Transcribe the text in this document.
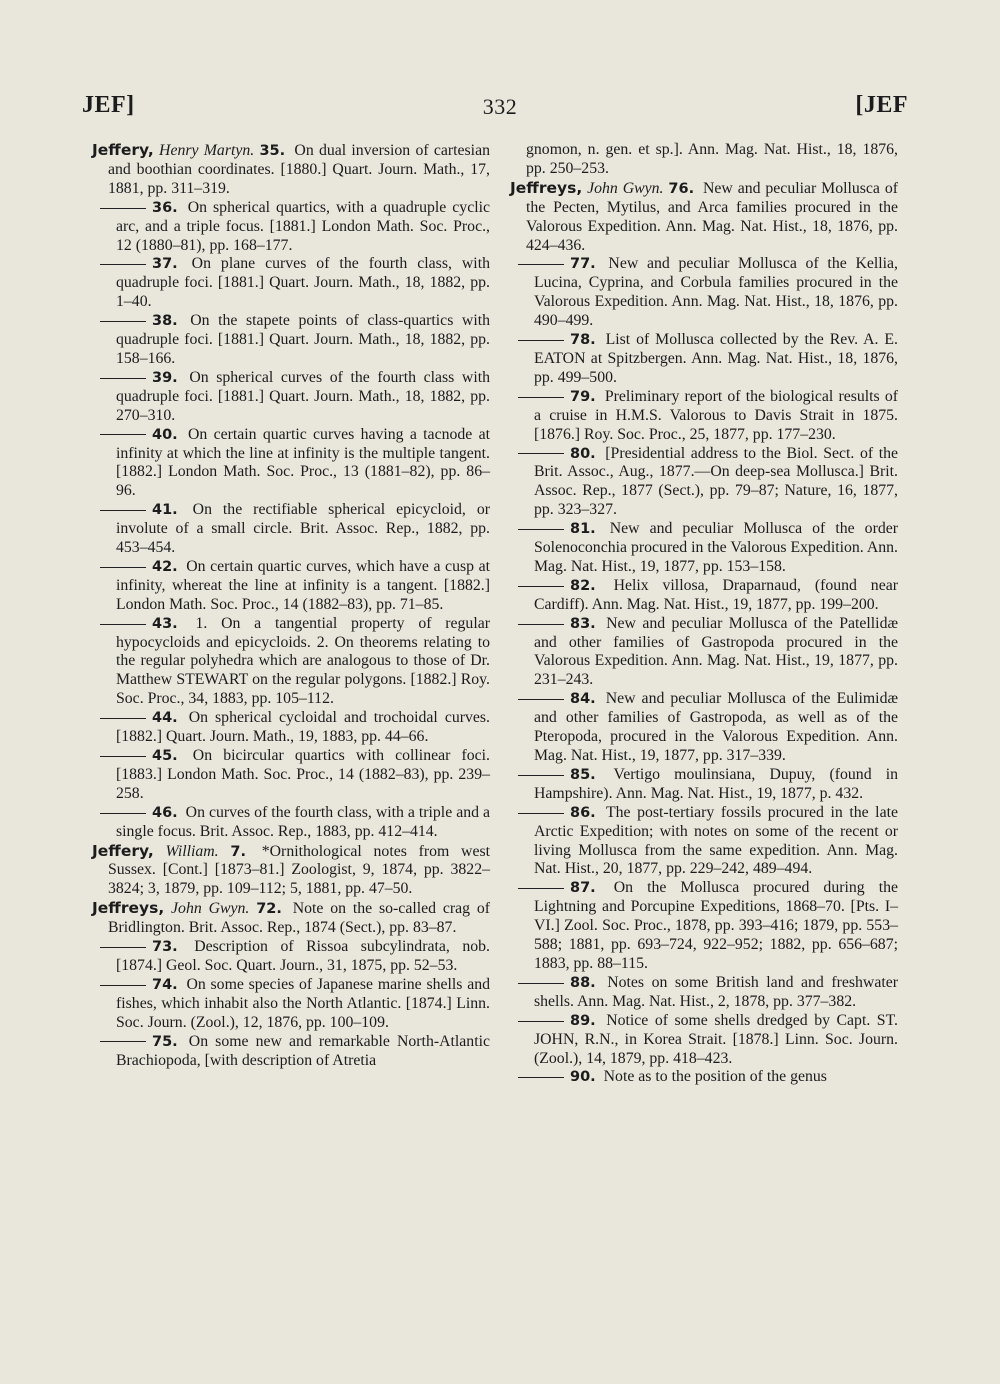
JEF]	332	[JEF

Jeffery, Henry Martyn. 35. On dual inversion of cartesian and boothian coordinates. [1880.] Quart. Journ. Math., 17, 1881, pp. 311–319.

36. On spherical quartics, with a quadruple cyclic arc, and a triple focus. [1881.] London Math. Soc. Proc., 12 (1880–81), pp. 168–177.

37. On plane curves of the fourth class, with quadruple foci. [1881.] Quart. Journ. Math., 18, 1882, pp. 1–40.

38. On the stapete points of class-quartics with quadruple foci. [1881.] Quart. Journ. Math., 18, 1882, pp. 158–166.

39. On spherical curves of the fourth class with quadruple foci. [1881.] Quart. Journ. Math., 18, 1882, pp. 270–310.

40. On certain quartic curves having a tacnode at infinity at which the line at infinity is the multiple tangent. [1882.] London Math. Soc. Proc., 13 (1881–82), pp. 86–96.

41. On the rectifiable spherical epicycloid, or involute of a small circle. Brit. Assoc. Rep., 1882, pp. 453–454.

42. On certain quartic curves, which have a cusp at infinity, whereat the line at infinity is a tangent. [1882.] London Math. Soc. Proc., 14 (1882–83), pp. 71–85.

43. 1. On a tangential property of regular hypocycloids and epicycloids. 2. On theorems relating to the regular polyhedra which are analogous to those of Dr. Matthew STEWART on the regular polygons. [1882.] Roy. Soc. Proc., 34, 1883, pp. 105–112.

44. On spherical cycloidal and trochoidal curves. [1882.] Quart. Journ. Math., 19, 1883, pp. 44–66.

45. On bicircular quartics with collinear foci. [1883.] London Math. Soc. Proc., 14 (1882–83), pp. 239–258.

46. On curves of the fourth class, with a triple and a single focus. Brit. Assoc. Rep., 1883, pp. 412–414.

Jeffery, William. 7. *Ornithological notes from west Sussex. [Cont.] [1873–81.] Zoologist, 9, 1874, pp. 3822–3824; 3, 1879, pp. 109–112; 5, 1881, pp. 47–50.

Jeffreys, John Gwyn. 72. Note on the so-called crag of Bridlington. Brit. Assoc. Rep., 1874 (Sect.), pp. 83–87.

73. Description of Rissoa subcylindrata, nob. [1874.] Geol. Soc. Quart. Journ., 31, 1875, pp. 52–53.

74. On some species of Japanese marine shells and fishes, which inhabit also the North Atlantic. [1874.] Linn. Soc. Journ. (Zool.), 12, 1876, pp. 100–109.

75. On some new and remarkable North-Atlantic Brachiopoda, [with description of Atretia

gnomon, n. gen. et sp.]. Ann. Mag. Nat. Hist., 18, 1876, pp. 250–253.

Jeffreys, John Gwyn. 76. New and peculiar Mollusca of the Pecten, Mytilus, and Arca families procured in the Valorous Expedition. Ann. Mag. Nat. Hist., 18, 1876, pp. 424–436.

77. New and peculiar Mollusca of the Kellia, Lucina, Cyprina, and Corbula families procured in the Valorous Expedition. Ann. Mag. Nat. Hist., 18, 1876, pp. 490–499.

78. List of Mollusca collected by the Rev. A. E. EATON at Spitzbergen. Ann. Mag. Nat. Hist., 18, 1876, pp. 499–500.

79. Preliminary report of the biological results of a cruise in H.M.S. Valorous to Davis Strait in 1875. [1876.] Roy. Soc. Proc., 25, 1877, pp. 177–230.

80. [Presidential address to the Biol. Sect. of the Brit. Assoc., Aug., 1877.—On deep-sea Mollusca.] Brit. Assoc. Rep., 1877 (Sect.), pp. 79–87; Nature, 16, 1877, pp. 323–327.

81. New and peculiar Mollusca of the order Solenoconchia procured in the Valorous Expedition. Ann. Mag. Nat. Hist., 19, 1877, pp. 153–158.

82. Helix villosa, Draparnaud, (found near Cardiff). Ann. Mag. Nat. Hist., 19, 1877, pp. 199–200.

83. New and peculiar Mollusca of the Patellidæ and other families of Gastropoda procured in the Valorous Expedition. Ann. Mag. Nat. Hist., 19, 1877, pp. 231–243.

84. New and peculiar Mollusca of the Eulimidæ and other families of Gastropoda, as well as of the Pteropoda, procured in the Valorous Expedition. Ann. Mag. Nat. Hist., 19, 1877, pp. 317–339.

85. Vertigo moulinsiana, Dupuy, (found in Hampshire). Ann. Mag. Nat. Hist., 19, 1877, p. 432.

86. The post-tertiary fossils procured in the late Arctic Expedition; with notes on some of the recent or living Mollusca from the same expedition. Ann. Mag. Nat. Hist., 20, 1877, pp. 229–242, 489–494.

87. On the Mollusca procured during the Lightning and Porcupine Expeditions, 1868–70. [Pts. I–VI.] Zool. Soc. Proc., 1878, pp. 393–416; 1879, pp. 553–588; 1881, pp. 693–724, 922–952; 1882, pp. 656–687; 1883, pp. 88–115.

88. Notes on some British land and freshwater shells. Ann. Mag. Nat. Hist., 2, 1878, pp. 377–382.

89. Notice of some shells dredged by Capt. ST. JOHN, R.N., in Korea Strait. [1878.] Linn. Soc. Journ. (Zool.), 14, 1879, pp. 418–423.

90. Note as to the position of the genus
